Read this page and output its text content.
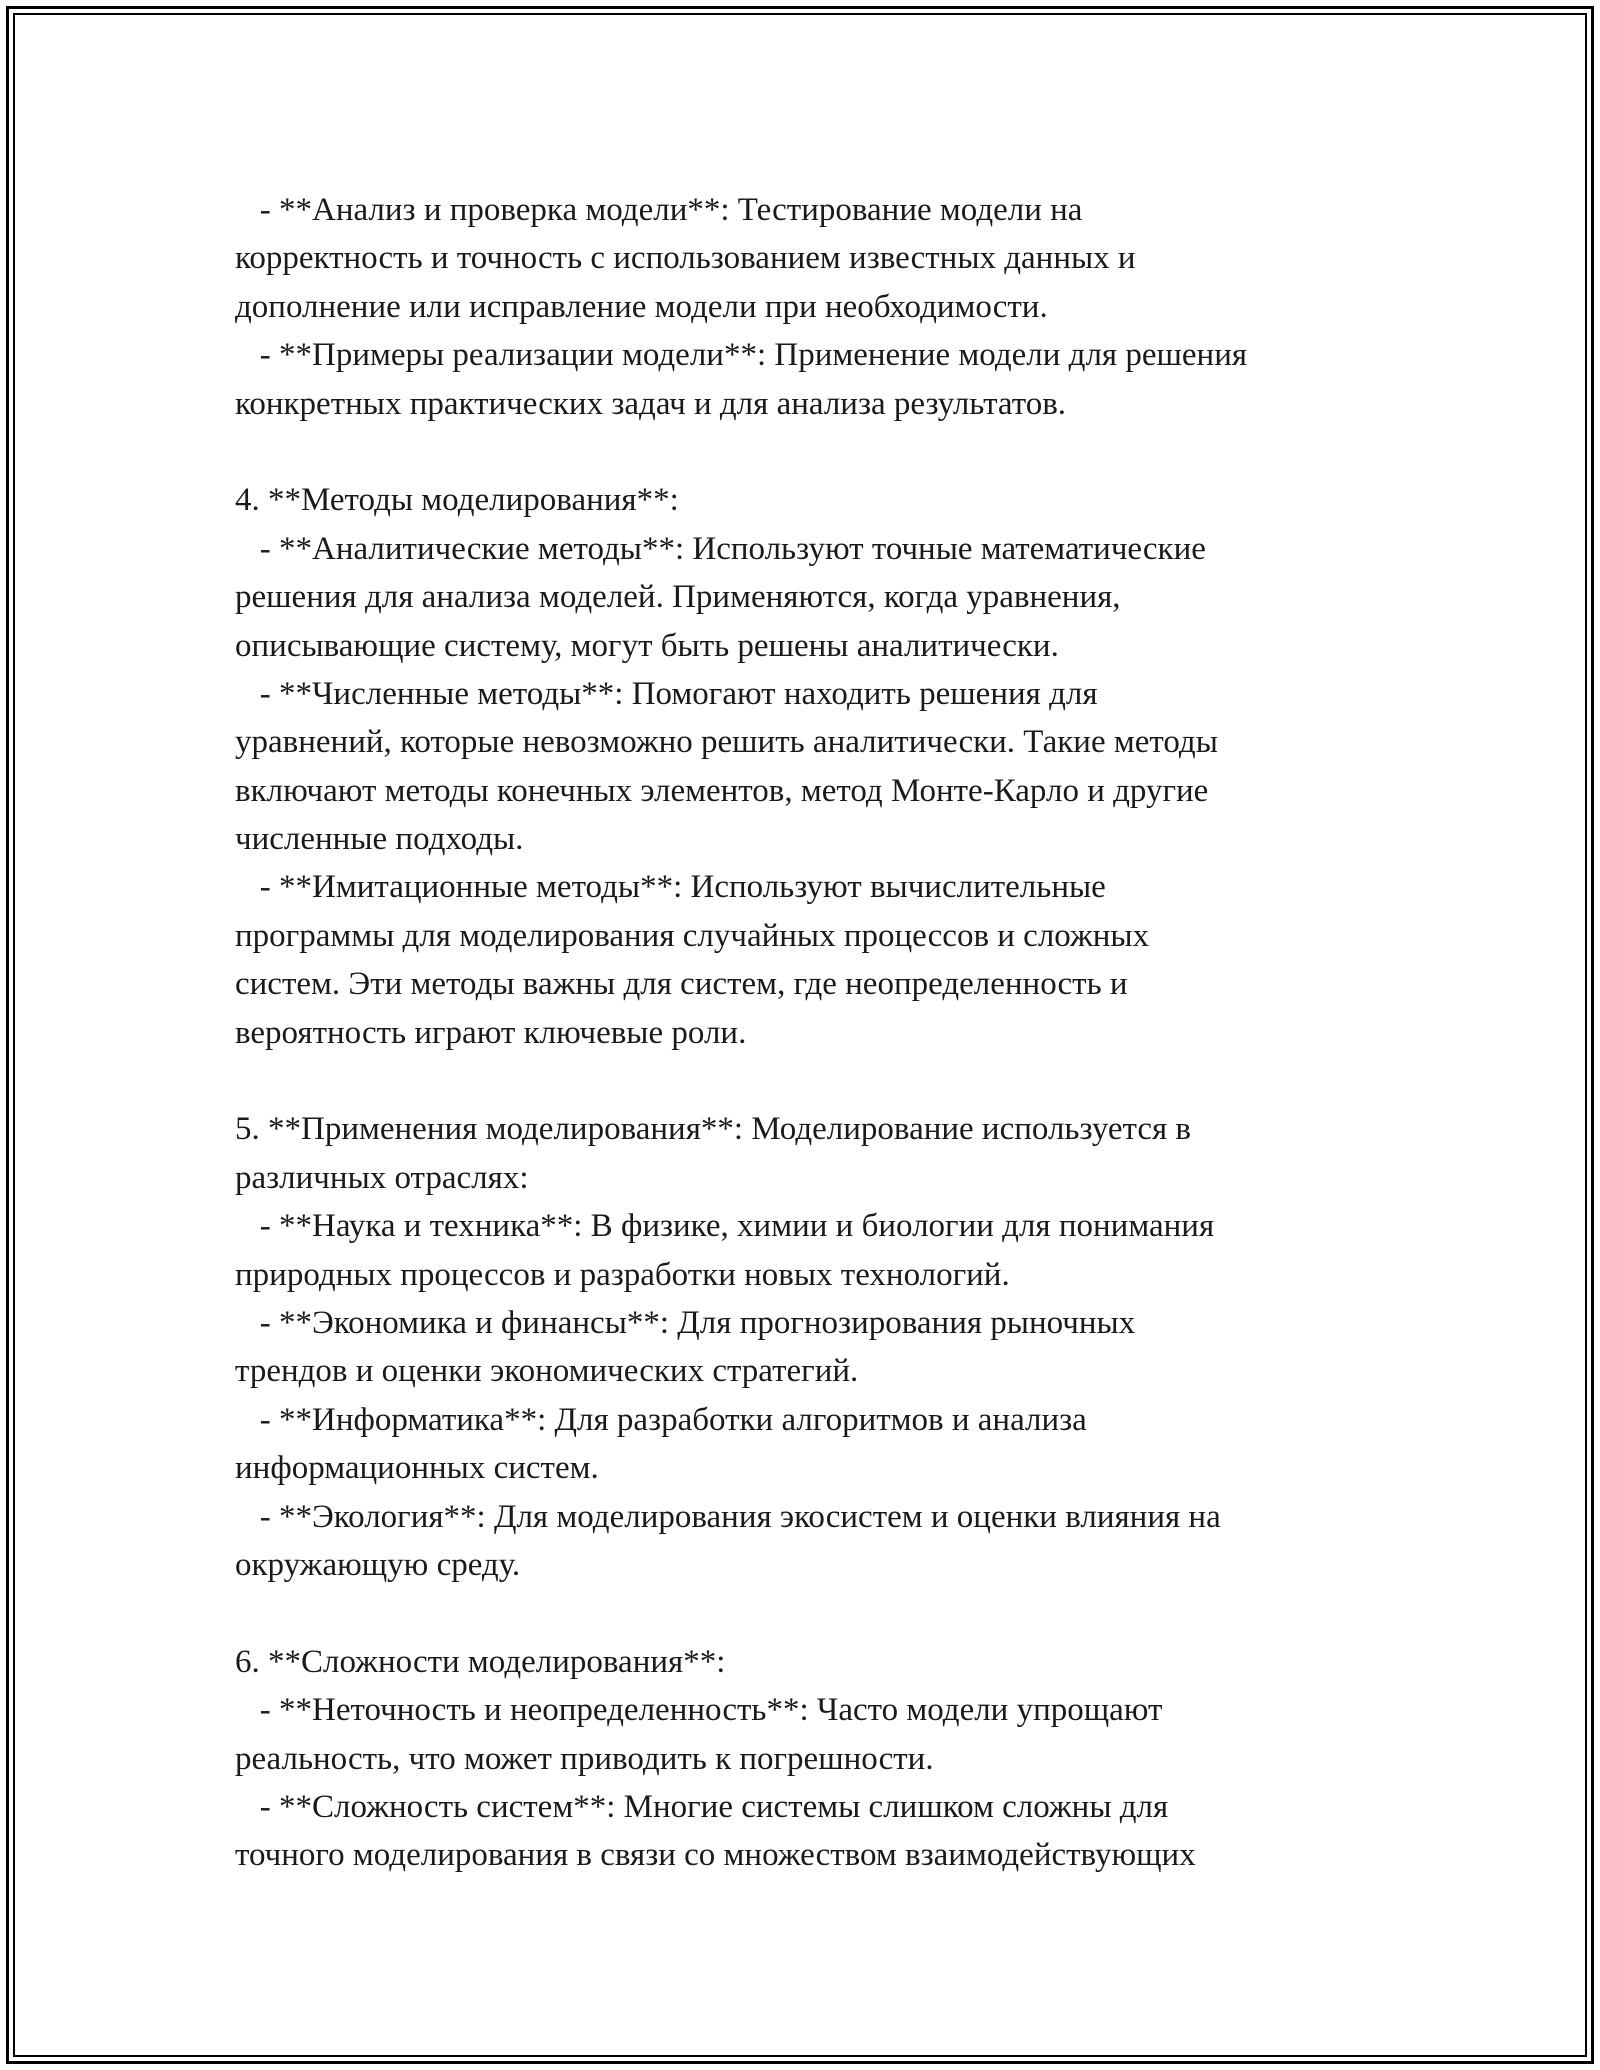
- **Анализ и проверка модели**: Тестирование модели на
корректность и точность с использованием известных данных и
дополнение или исправление модели при необходимости.
- **Примеры реализации модели**: Применение модели для решения
конкретных практических задач и для анализа результатов.
4. **Методы моделирования**:
- **Аналитические методы**: Используют точные математические
решения для анализа моделей. Применяются, когда уравнения,
описывающие систему, могут быть решены аналитически.
- **Численные методы**: Помогают находить решения для
уравнений, которые невозможно решить аналитически. Такие методы
включают методы конечных элементов, метод Монте-Карло и другие
численные подходы.
- **Имитационные методы**: Используют вычислительные
программы для моделирования случайных процессов и сложных
систем. Эти методы важны для систем, где неопределенность и
вероятность играют ключевые роли.
5. **Применения моделирования**: Моделирование используется в
различных отраслях:
- **Наука и техника**: В физике, химии и биологии для понимания
природных процессов и разработки новых технологий.
- **Экономика и финансы**: Для прогнозирования рыночных
трендов и оценки экономических стратегий.
- **Информатика**: Для разработки алгоритмов и анализа
информационных систем.
- **Экология**: Для моделирования экосистем и оценки влияния на
окружающую среду.
6. **Сложности моделирования**:
- **Неточность и неопределенность**: Часто модели упрощают
реальность, что может приводить к погрешности.
- **Сложность систем**: Многие системы слишком сложны для
точного моделирования в связи со множеством взаимодействующих
